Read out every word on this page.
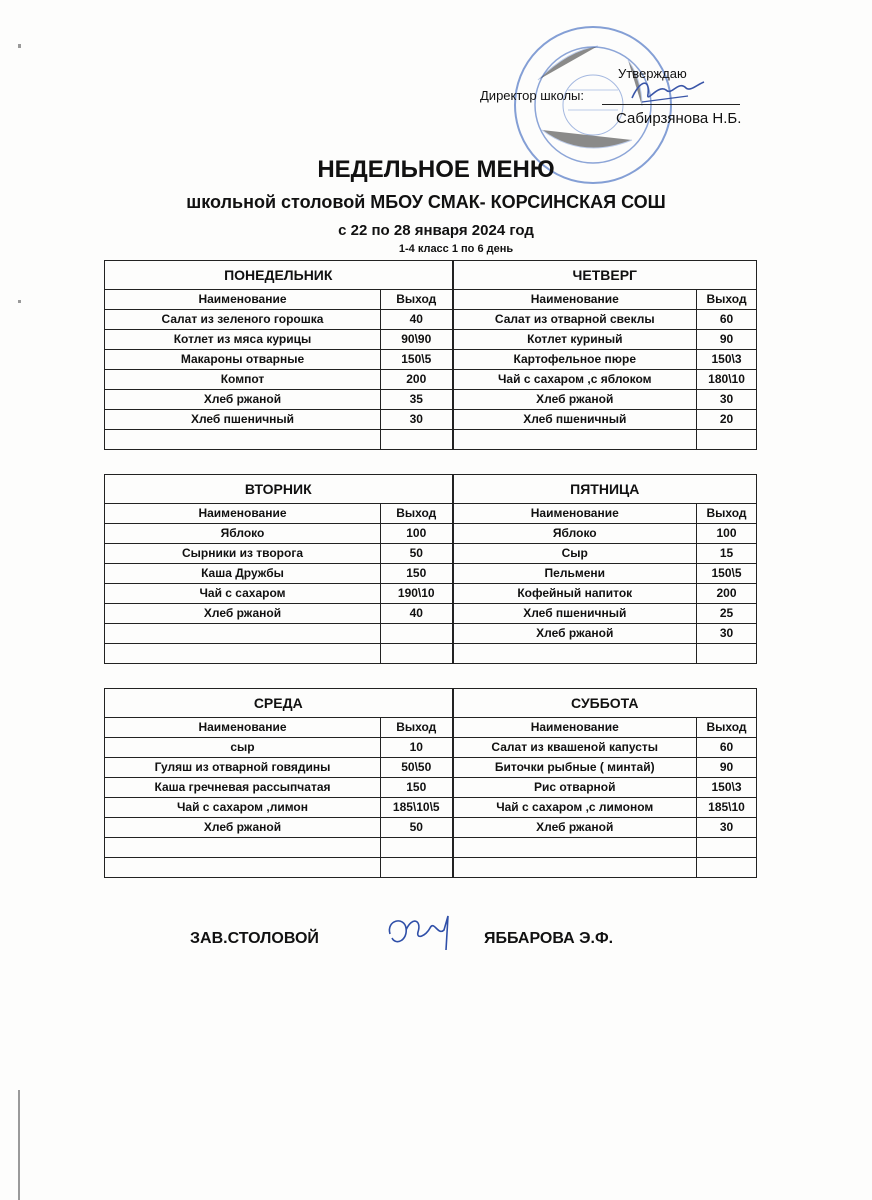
Утверждаю
Директор школы:
Сабирзянова Н.Б.
НЕДЕЛЬНОЕ МЕНЮ
школьной столовой МБОУ СМАК- КОРСИНСКАЯ СОШ
с 22 по 28 января 2024 год
1-4 класс 1 по 6 день
ПОНЕДЕЛЬНИК		ЧЕТВЕРГ	
Наименование	Выход	Наименование	Выход
Салат из зеленого горошка	40	Салат из отварной свеклы	60
Котлет из мяса курицы	90\90	Котлет куриный	90
Макароны отварные	150\5	Картофельное пюре	150\3
Компот	200	Чай с сахаром ,с яблоком	180\10
Хлеб ржаной	35	Хлеб ржаной	30
Хлеб пшеничный	30	Хлеб пшеничный	20

ВТОРНИК		ПЯТНИЦА	
Наименование	Выход	Наименование	Выход
Яблоко	100	Яблоко	100
Сырники из творога	50	Сыр	15
Каша Дружбы	150	Пельмени	150\5
Чай с сахаром	190\10	Кофейный напиток	200
Хлеб ржаной	40	Хлеб пшеничный	25
		Хлеб ржаной	30

СРЕДА		СУББОТА	
Наименование	Выход	Наименование	Выход
сыр	10	Салат из квашеной капусты	60
Гуляш из отварной говядины	50\50	Биточки рыбные ( минтай)	90
Каша гречневая рассыпчатая	150	Рис отварной	150\3
Чай с сахаром ,лимон	185\10\5	Чай с сахаром ,с лимоном	185\10
Хлеб ржаной	50	Хлеб ржаной	30

ЗАВ.СТОЛОВОЙ	ЯББАРОВА Э.Ф.
